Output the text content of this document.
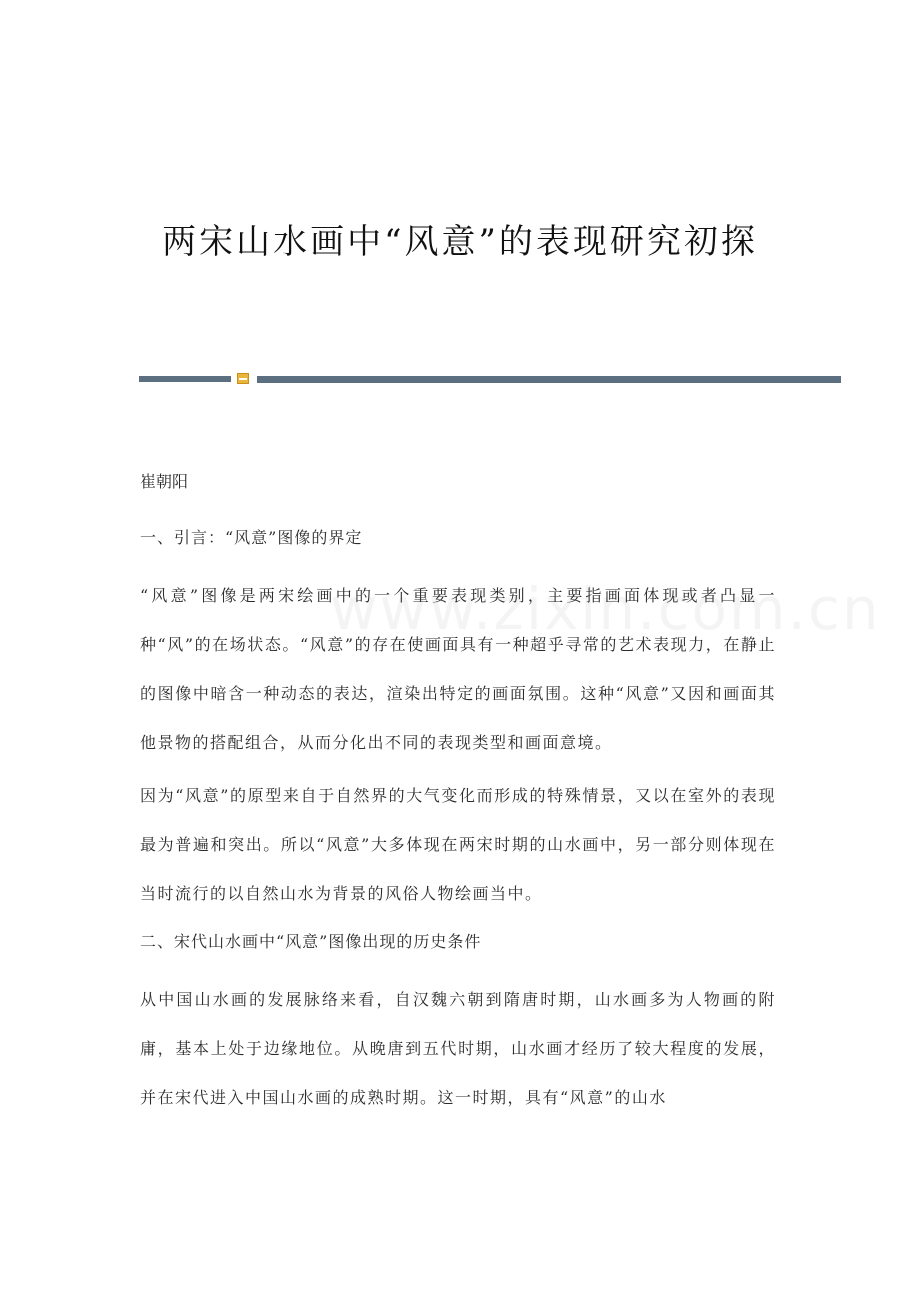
两宋山水画中“风意”的表现研究初探

崔朝阳

一、引言：“风意”图像的界定

“风意”图像是两宋绘画中的一个重要表现类别，主要指画面体现或者凸显一种“风”的在场状态。“风意”的存在使画面具有一种超乎寻常的艺术表现力，在静止的图像中暗含一种动态的表达，渲染出特定的画面氛围。这种“风意”又因和画面其他景物的搭配组合，从而分化出不同的表现类型和画面意境。

因为“风意”的原型来自于自然界的大气变化而形成的特殊情景，又以在室外的表现最为普遍和突出。所以“风意”大多体现在两宋时期的山水画中，另一部分则体现在当时流行的以自然山水为背景的风俗人物绘画当中。

二、宋代山水画中“风意”图像出现的历史条件

从中国山水画的发展脉络来看，自汉魏六朝到隋唐时期，山水画多为人物画的附庸，基本上处于边缘地位。从晚唐到五代时期，山水画才经历了较大程度的发展，并在宋代进入中国山水画的成熟时期。这一时期，具有“风意”的山水
